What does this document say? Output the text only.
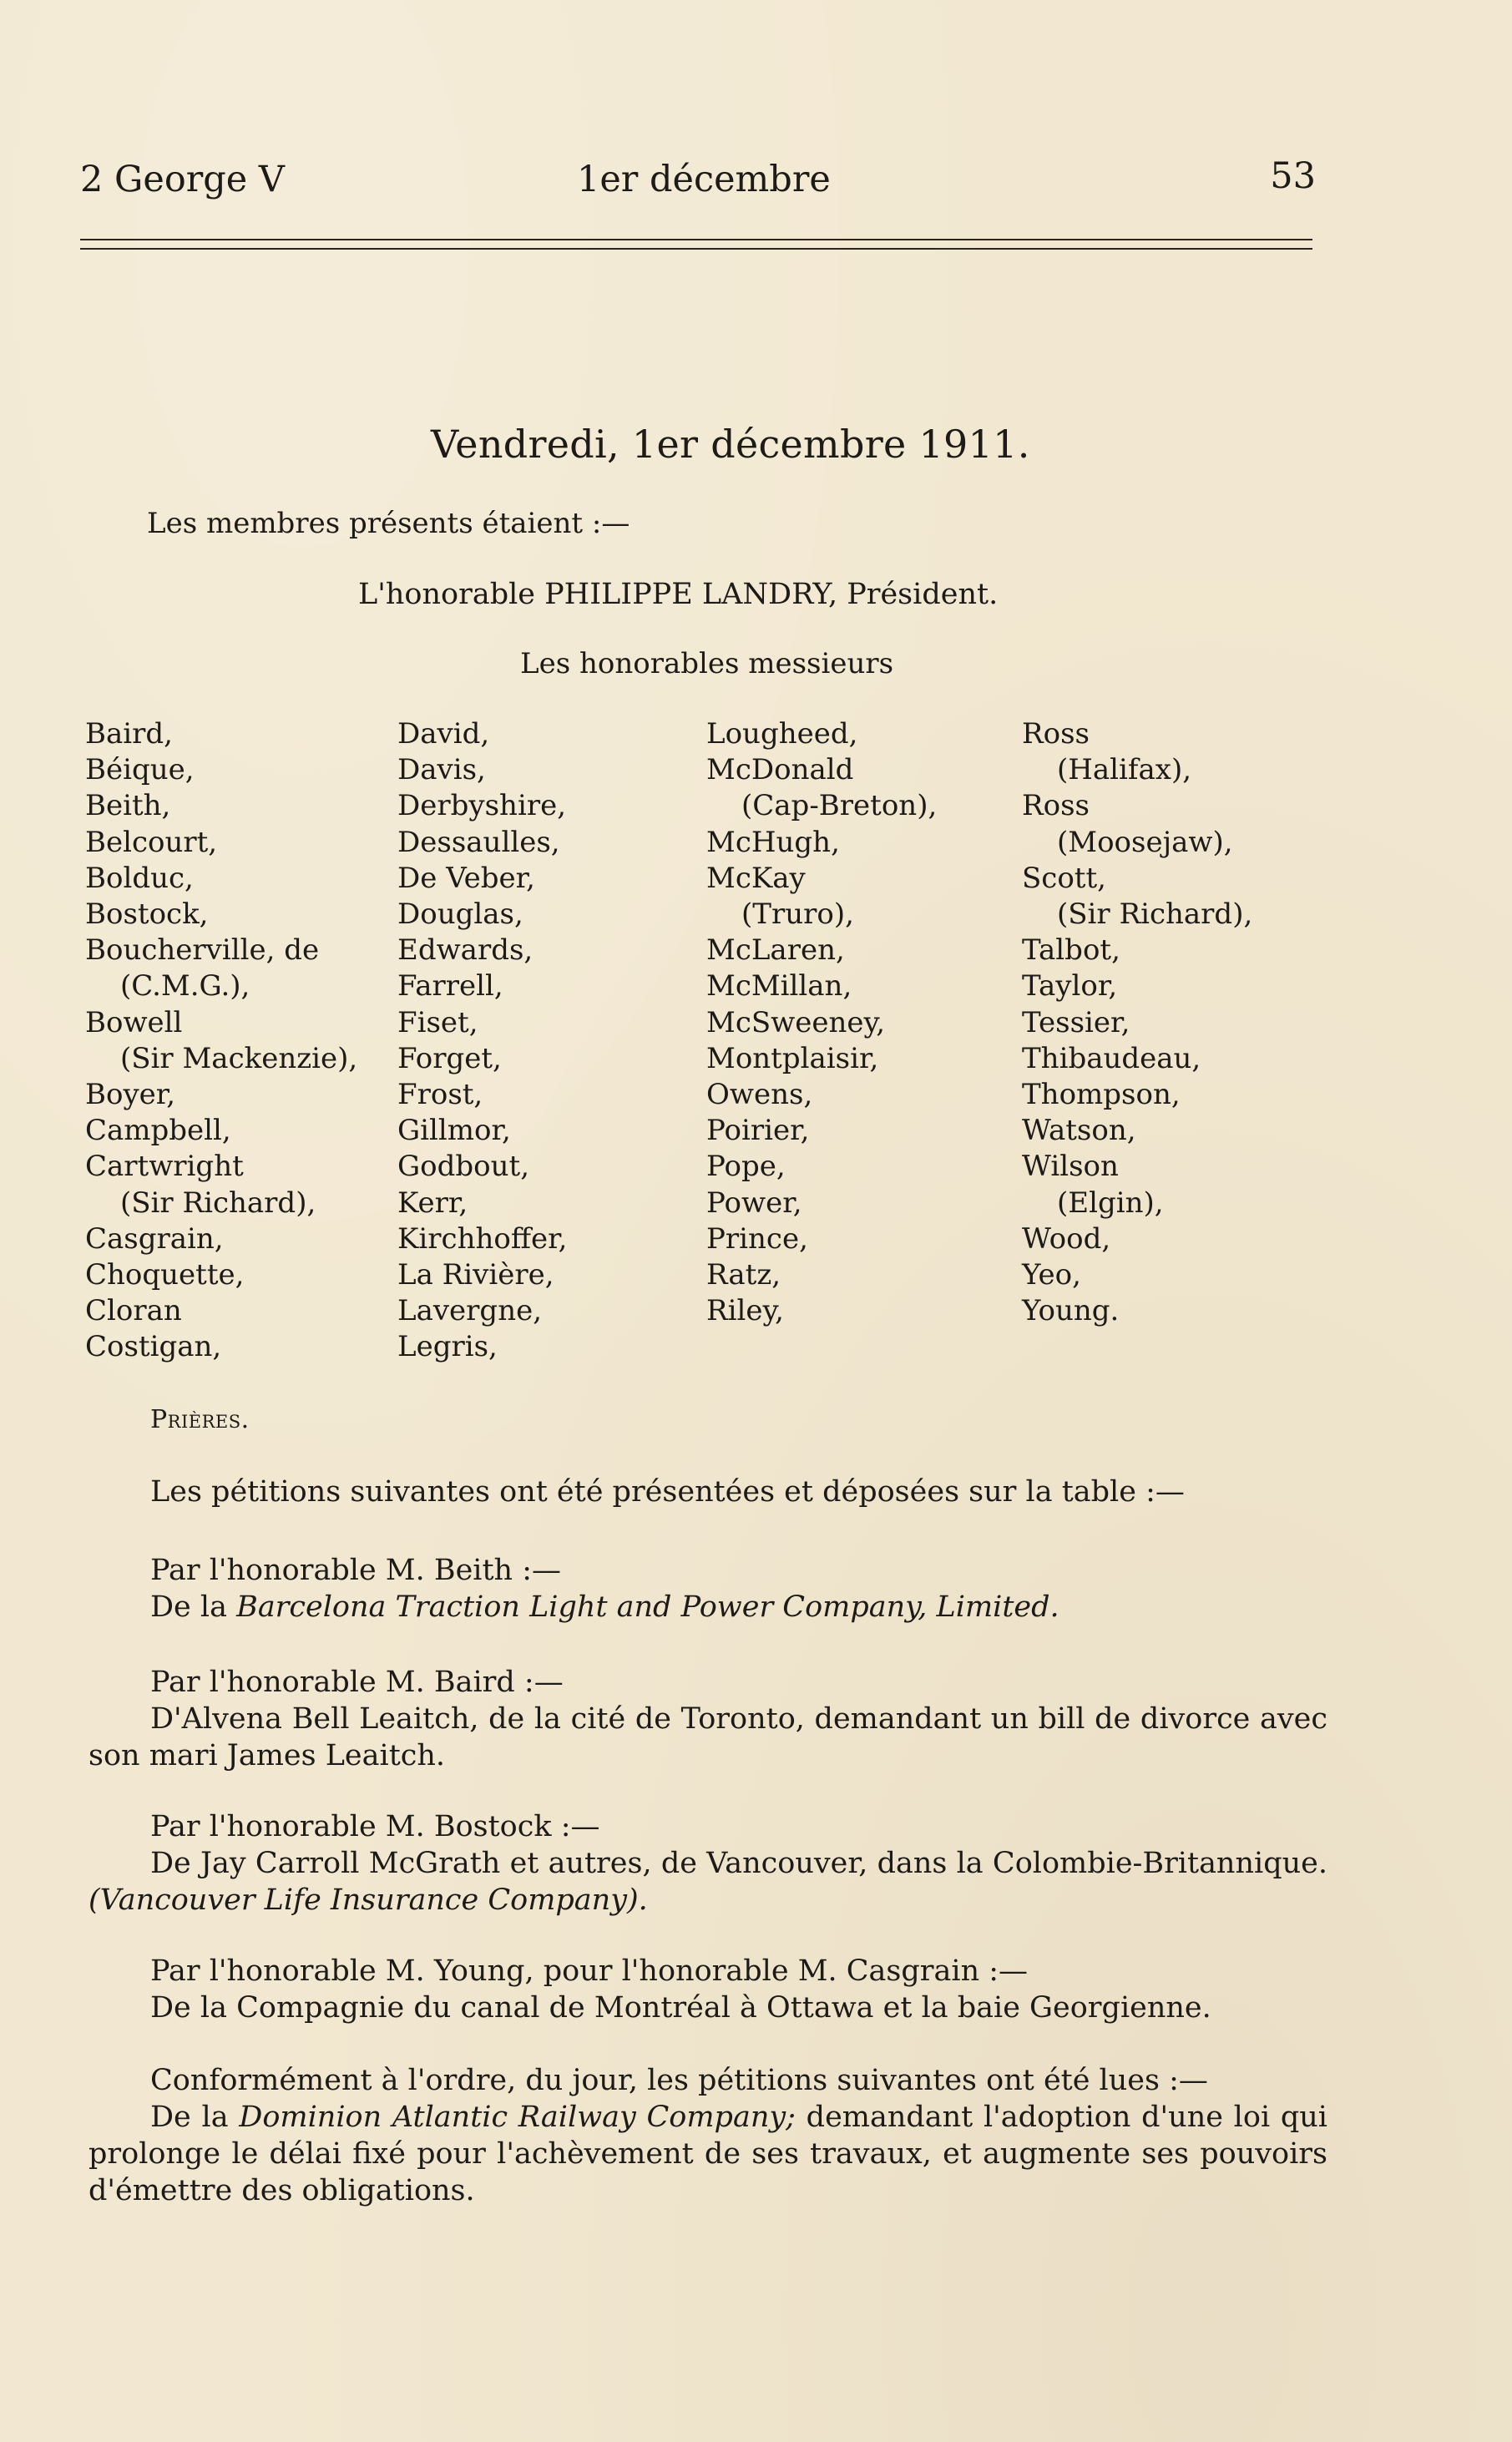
2 George V	1er décembre	53
Vendredi, 1er décembre 1911.
Les membres présents étaient :—
L'honorable PHILIPPE LANDRY, Président.
Les honorables messieurs
Baird,
Béique,
Beith,
Belcourt,
Bolduc,
Bostock,
Boucherville, de
(C.M.G.),
Bowell
(Sir Mackenzie),
Boyer,
Campbell,
Cartwright
(Sir Richard),
Casgrain,
Choquette,
Cloran
Costigan,
David,
Davis,
Derbyshire,
Dessaulles,
De Veber,
Douglas,
Edwards,
Farrell,
Fiset,
Forget,
Frost,
Gillmor,
Godbout,
Kerr,
Kirchhoffer,
La Rivière,
Lavergne,
Legris,
Lougheed,
McDonald
(Cap-Breton),
McHugh,
McKay
(Truro),
McLaren,
McMillan,
McSweeney,
Montplaisir,
Owens,
Poirier,
Pope,
Power,
Prince,
Ratz,
Riley,
Ross
(Halifax),
Ross
(Moosejaw),
Scott,
(Sir Richard),
Talbot,
Taylor,
Tessier,
Thibaudeau,
Thompson,
Watson,
Wilson
(Elgin),
Wood,
Yeo,
Young.
Prières.

Les pétitions suivantes ont été présentées et déposées sur la table :—

Par l'honorable M. Beith :—
De la Barcelona Traction Light and Power Company, Limited.

Par l'honorable M. Baird :—
D'Alvena Bell Leaitch, de la cité de Toronto, demandant un bill de divorce avec
son mari James Leaitch.

Par l'honorable M. Bostock :—
De Jay Carroll McGrath et autres, de Vancouver, dans la Colombie-Britannique.
(Vancouver Life Insurance Company).

Par l'honorable M. Young, pour l'honorable M. Casgrain :—
De la Compagnie du canal de Montréal à Ottawa et la baie Georgienne.

Conformément à l'ordre, du jour, les pétitions suivantes ont été lues :—
De la Dominion Atlantic Railway Company; demandant l'adoption d'une loi qui
prolonge le délai fixé pour l'achèvement de ses travaux, et augmente ses pouvoirs
d'émettre des obligations.
